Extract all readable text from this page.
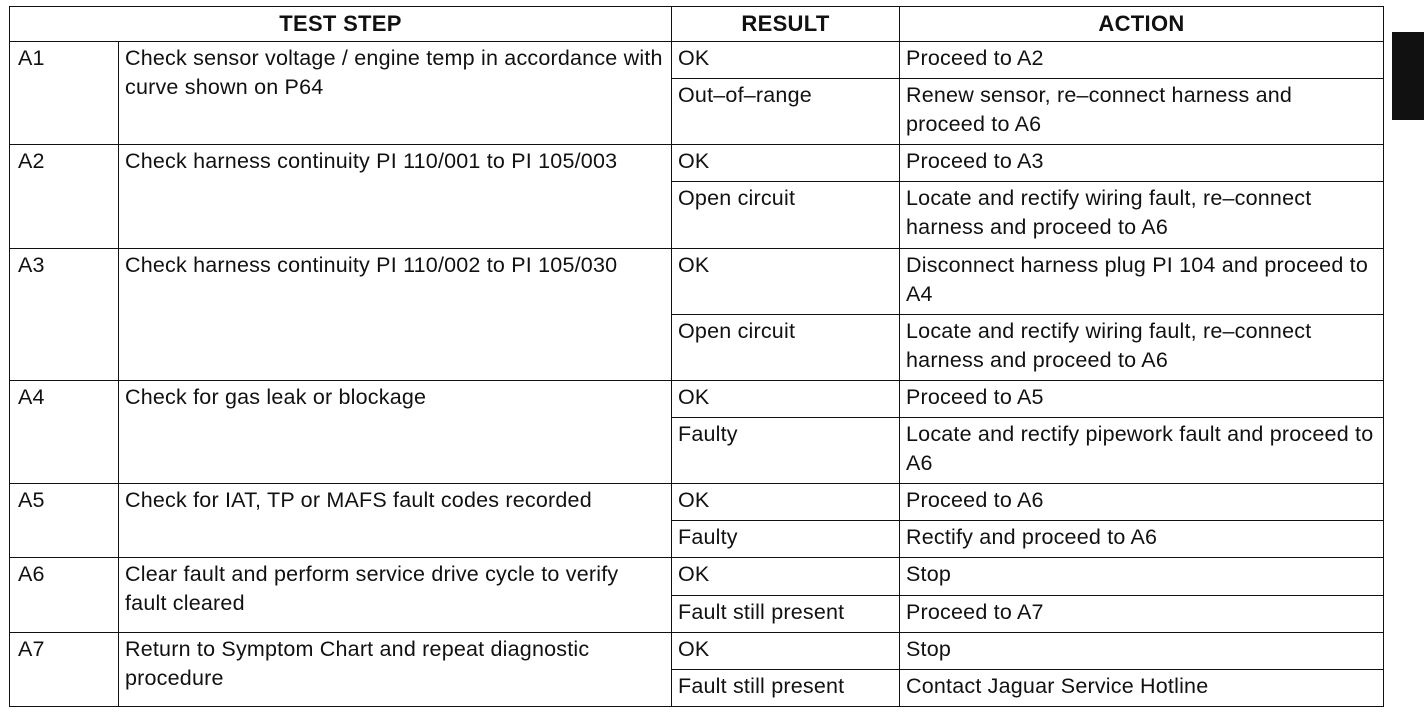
TEST STEP		RESULT	ACTION
A1	Check sensor voltage / engine temp in accordance with curve shown on P64	OK	Proceed to A2
		Out–of–range	Renew sensor, re–connect harness and proceed to A6
A2	Check harness continuity PI 110/001 to PI 105/003	OK	Proceed to A3
		Open circuit	Locate and rectify wiring fault, re–connect harness and proceed to A6
A3	Check harness continuity PI 110/002 to PI 105/030	OK	Disconnect harness plug PI 104 and proceed to A4
		Open circuit	Locate and rectify wiring fault, re–connect harness and proceed to A6
A4	Check for gas leak or blockage	OK	Proceed to A5
		Faulty	Locate and rectify pipework fault and proceed to A6
A5	Check for IAT, TP or MAFS fault codes recorded	OK	Proceed to A6
		Faulty	Rectify and proceed to A6
A6	Clear fault and perform service drive cycle to verify fault cleared	OK	Stop
		Fault still present	Proceed to A7
A7	Return to Symptom Chart and repeat diagnostic procedure	OK	Stop
		Fault still present	Contact Jaguar Service Hotline
